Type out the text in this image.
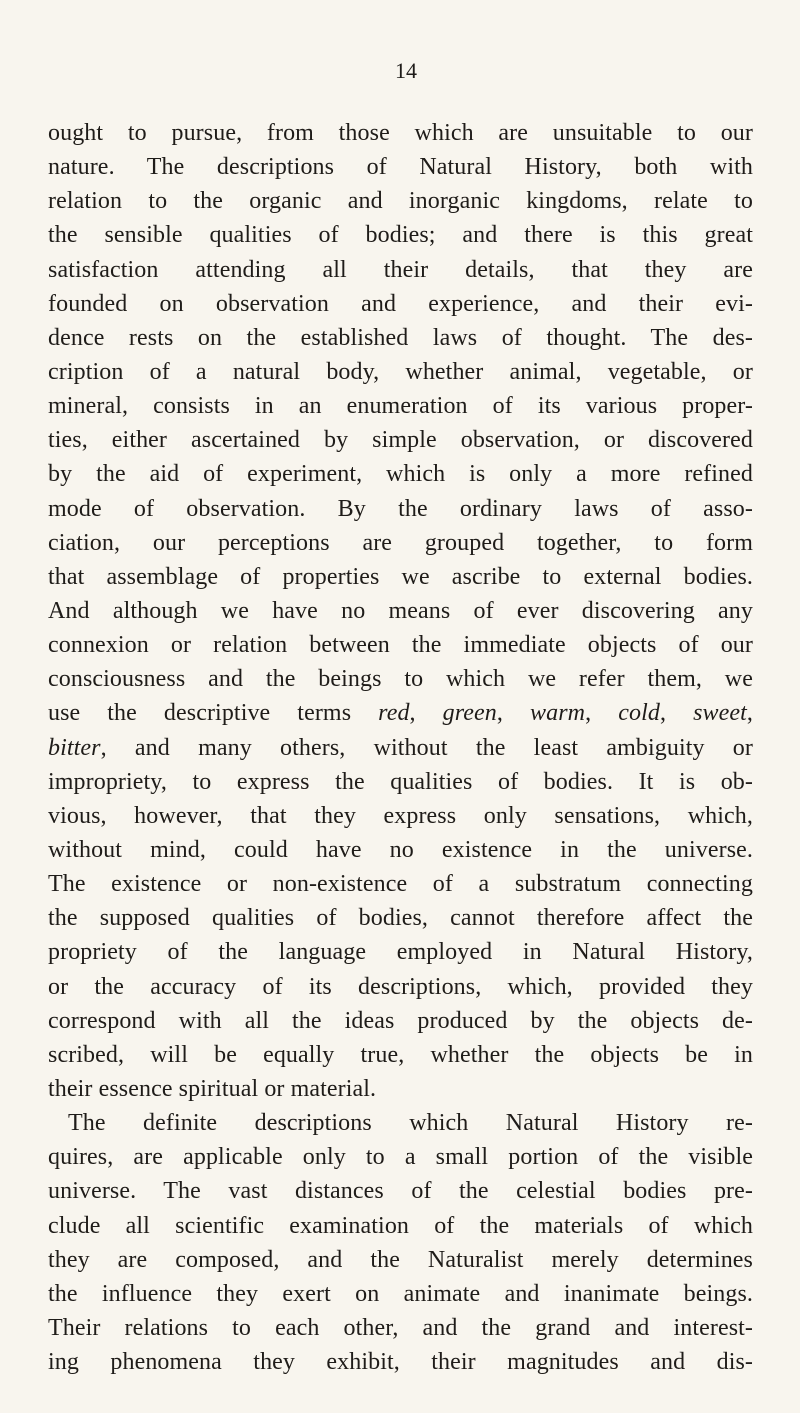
14
ought to pursue, from those which are unsuitable to our
nature. The descriptions of Natural History, both with
relation to the organic and inorganic kingdoms, relate to
the sensible qualities of bodies; and there is this great
satisfaction attending all their details, that they are
founded on observation and experience, and their evi-
dence rests on the established laws of thought. The des-
cription of a natural body, whether animal, vegetable, or
mineral, consists in an enumeration of its various proper-
ties, either ascertained by simple observation, or discovered
by the aid of experiment, which is only a more refined
mode of observation. By the ordinary laws of asso-
ciation, our perceptions are grouped together, to form
that assemblage of properties we ascribe to external bodies.
And although we have no means of ever discovering any
connexion or relation between the immediate objects of our
consciousness and the beings to which we refer them, we
use the descriptive terms red, green, warm, cold, sweet,
bitter, and many others, without the least ambiguity or
impropriety, to express the qualities of bodies. It is ob-
vious, however, that they express only sensations, which,
without mind, could have no existence in the universe.
The existence or non-existence of a substratum connecting
the supposed qualities of bodies, cannot therefore affect the
propriety of the language employed in Natural History,
or the accuracy of its descriptions, which, provided they
correspond with all the ideas produced by the objects de-
scribed, will be equally true, whether the objects be in
their essence spiritual or material.
The definite descriptions which Natural History re-
quires, are applicable only to a small portion of the visible
universe. The vast distances of the celestial bodies pre-
clude all scientific examination of the materials of which
they are composed, and the Naturalist merely determines
the influence they exert on animate and inanimate beings.
Their relations to each other, and the grand and interest-
ing phenomena they exhibit, their magnitudes and dis-
